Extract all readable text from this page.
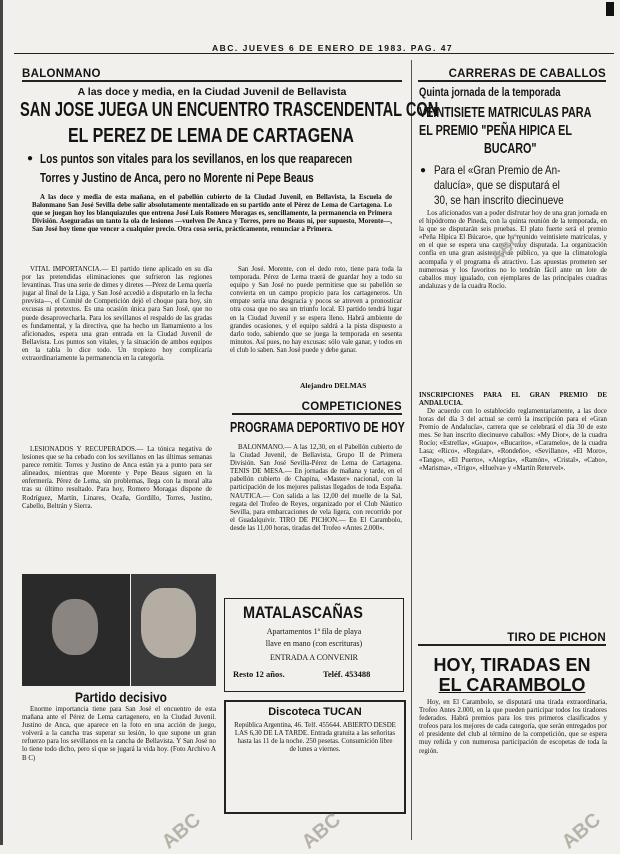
ABC. JUEVES 6 DE ENERO DE 1983. PAG. 47
BALONMANO
A las doce y media, en la Ciudad Juvenil de Bellavista
SAN JOSE JUEGA UN ENCUENTRO TRASCENDENTAL CON
EL PEREZ DE LEMA DE CARTAGENA
● Los puntos son vitales para los sevillanos, en los que reaparecen
Torres y Justino de Anca, pero no Morente ni Pepe Beaus

A las doce y media de esta mañana, en el pabellón cubierto de la Ciudad Juvenil, en Bellavista, la Escuela de Balonmano San José Sevilla debe salir absolutamente mentalizado en su partido ante el Pérez de Lema de Cartagena. Lo que se juegan hoy los blanquiazules que entrena José Luis Romero Moragas es, sencillamente, la permanencia en Primera División. Aseguradas un tanto la ola de lesiones —vuelven De Anca y Torres, pero no Beaus ni, por supuesto, Morente—, San José hoy tiene que vencer a cualquier precio. Otra cosa sería, prácticamente, renunciar a Primera.

VITAL IMPORTANCIA.— El partido tiene aplicado en su día por las pretendidas eliminaciones que sufrieron las regiones levantinas. Tras una serie de dimes y diretes —Pérez de Lema quería jugar al final de la Liga, y San José accedió a disputarlo en la fecha prevista—, el Comité de Competición dejó el choque para hoy, sin excusas ni pretextos. Es una ocasión única para San José, que no puede desaprovecharla. Para los sevillanos el respaldo de las gradas es fundamental, y la directiva, que ha hecho un llamamiento a los aficionados, espera una gran entrada en la Ciudad Juvenil de Bellavista. Los puntos son vitales, y la situación de ambos equipos en la tabla lo dice todo. Un tropiezo hoy complicaría extraordinariamente la permanencia en la categoría.

LESIONADOS Y RECUPERADOS.— La tónica negativa de lesiones que se ha cebado con los sevillanos en las últimas semanas parece remitir. Torres y Justino de Anca están ya a punto para ser alineados, mientras que Morente y Pepe Beaus siguen en la enfermería. Pérez de Lema, sin problemas, llega con la moral alta tras su último resultado. Para hoy, Romero Moragas dispone de Rodríguez, Martín, Linares, Ocaña, Gordillo, Torres, Justino, Cabello, Beltrán y Sierra.

San José. Morente, con el dedo roto, tiene para toda la temporada. Pérez de Lema traerá de guardar hoy a todo su equipo y San José no puede permitirse que su pabellón se convierta en un campo propicio para los cartageneros. Un empate sería una desgracia y pocos se atreven a pronosticar otra cosa que no sea un triunfo local. El partido tendrá lugar en la Ciudad Juvenil y se espera lleno. Habrá ambiente de grandes ocasiones, y el equipo saldrá a la pista dispuesto a darlo todo, sabiendo que se juega la temporada en sesenta minutos. Así pues, no hay excusas: sólo vale ganar, y todos en el club lo saben. San José puede y debe ganar.

Alejandro DELMAS
Partido decisivo

Enorme importancia tiene para San José el encuentro de esta mañana ante el Pérez de Lema cartagenero, en la Ciudad Juvenil. Justino de Anca, que aparece en la foto en una acción de juego, volverá a la cancha tras superar su lesión, lo que supone un gran refuerzo para los sevillanos en la cancha de Bellavista. Y San José no lo tiene todo dicho, pero sí que se jugará la vida hoy. (Foto Archivo A B C)

COMPETICIONES
PROGRAMA DEPORTIVO DE HOY

BALONMANO.— A las 12,30, en el Pabellón cubierto de la Ciudad Juvenil, de Bellavista, Grupo II de Primera División. San José Sevilla-Pérez de Lema de Cartagena. TENIS DE MESA.— En jornadas de mañana y tarde, en el pabellón cubierto de Chapina, «Master» nacional, con la participación de los mejores palistas llegados de toda España. NAUTICA.— Con salida a las 12,00 del muelle de la Sal, regata del Trofeo de Reyes, organizado por el Club Náutico Sevilla, para embarcaciones de vela ligera, con recorrido por el Guadalquivir. TIRO DE PICHON.— En El Carambolo, desde las 11,00 horas, tiradas del Trofeo «Antes 2.000».

MATALASCAÑAS
Apartamentos 1ª fila de playa
llave en mano (con escrituras)
ENTRADA A CONVENIR
Resto 12 años.	Teléf. 453488
Discoteca TUCAN
República Argentina, 46. Telf. 455644. ABIERTO DESDE LAS 6,30 DE LA TARDE. Entrada gratuita a las señoritas hasta las 11 de la noche. 250 pesetas. Consumición libre de lunes a viernes.
CARRERAS DE CABALLOS
Quinta jornada de la temporada
VEINTISIETE MATRICULAS PARA
EL PREMIO "PEÑA HIPICA EL
BUCARO"
● Para el «Gran Premio de An-
dalucía», que se disputará el
30, se han inscrito diecinueve

Los aficionados van a poder disfrutar hoy de una gran jornada en el hipódromo de Pineda, con la quinta reunión de la temporada, en la que se disputarán seis pruebas. El plato fuerte será el premio «Peña Hípica El Búcaro», que ha reunido veintisiete matrículas, y en el que se espera una carrera muy disputada. La organización confía en una gran asistencia de público, ya que la climatología acompaña y el programa es atractivo. Las apuestas prometen ser numerosas y los favoritos no lo tendrán fácil ante un lote de caballos muy igualado, con ejemplares de las principales cuadras andaluzas y de la cuadra Rocío.

INSCRIPCIONES PARA EL GRAN PREMIO DE ANDALUCIA.

De acuerdo con lo establecido reglamentariamente, a las doce horas del día 3 del actual se cerró la inscripción para el «Gran Premio de Andalucía», carrera que se celebrará el día 30 de este mes. Se han inscrito diecinueve caballos: «My Dior», de la cuadra Rocío; «Estrella», «Guapo», «Bucarito», «Caramelo», de la cuadra Lasa; «Rico», «Regular», «Rondeño», «Sevillano», «El Moro», «Tango», «El Puerto», «Alegría», «Ramón», «Cristal», «Cabo», «Marisma», «Trigo», «Huelva» y «Martín Retervel».

TIRO DE PICHON
HOY, TIRADAS EN
EL CARAMBOLO

Hoy, en El Carambolo, se disputará una tirada extraordinaria, Trofeo Antes 2.000, en la que pueden participar todos los tiradores federados. Habrá premios para los tres primeros clasificados y trofeos para los mejores de cada categoría, que serán entregados por el presidente del club al término de la competición, que se espera muy reñida y con numerosa participación de escopetas de toda la región.

ABC	ABC	ABC
ABC
